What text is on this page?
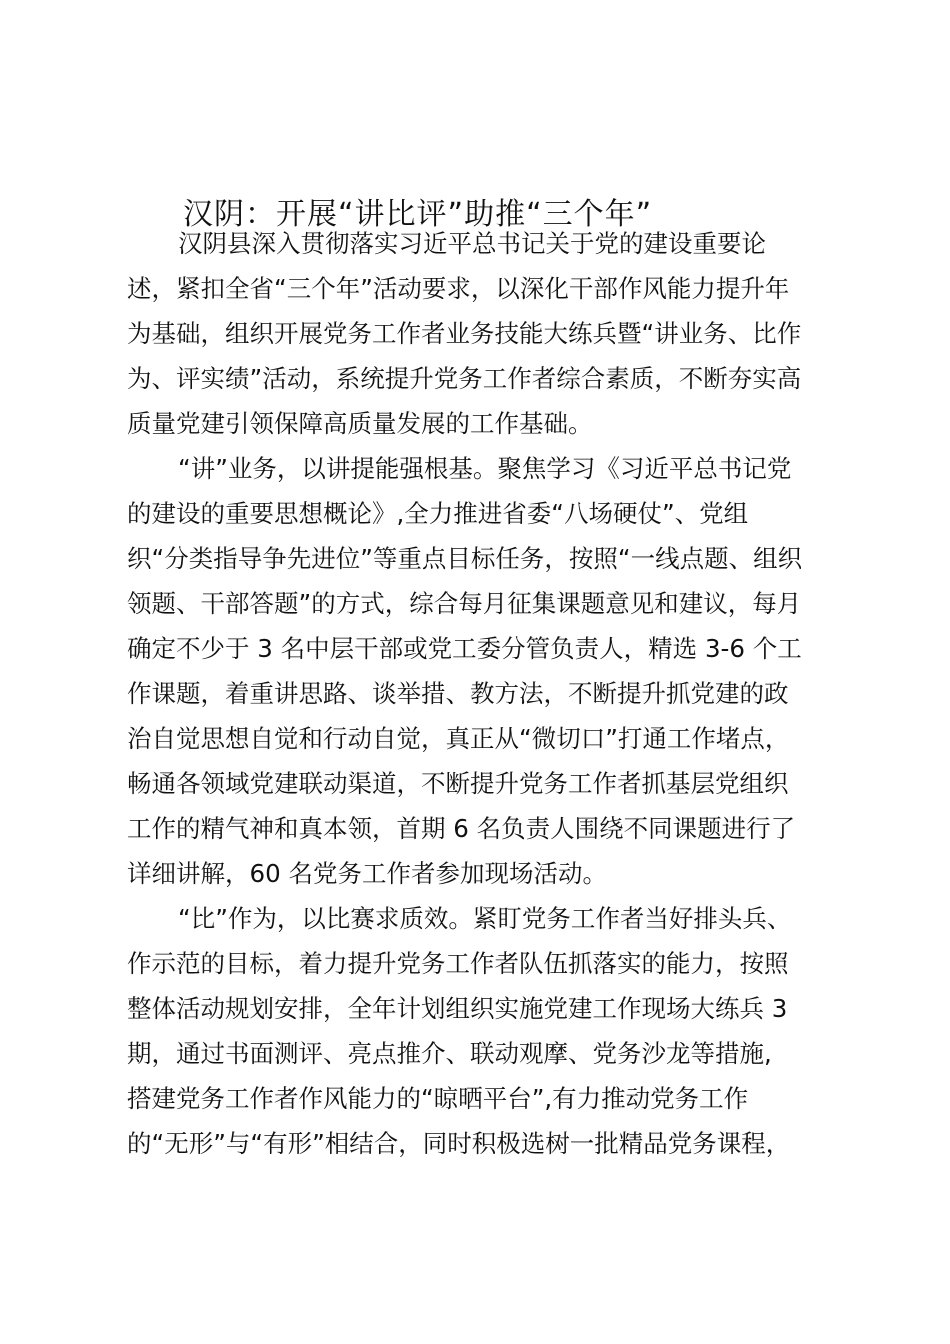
汉阴：开展“讲比评”助推“三个年”
汉阴县深入贯彻落实习近平总书记关于党的建设重要论
述，紧扣全省“三个年”活动要求，以深化干部作风能力提升年
为基础，组织开展党务工作者业务技能大练兵暨“讲业务、比作
为、评实绩”活动，系统提升党务工作者综合素质，不断夯实高
质量党建引领保障高质量发展的工作基础。
“讲”业务，以讲提能强根基。聚焦学习《习近平总书记党
的建设的重要思想概论》,全力推进省委“八场硬仗”、党组
织“分类指导争先进位”等重点目标任务，按照“一线点题、组织
领题、干部答题”的方式，综合每月征集课题意见和建议，每月
确定不少于 3 名中层干部或党工委分管负责人，精选 3-6 个工
作课题，着重讲思路、谈举措、教方法，不断提升抓党建的政
治自觉思想自觉和行动自觉，真正从“微切口”打通工作堵点，
畅通各领域党建联动渠道，不断提升党务工作者抓基层党组织
工作的精气神和真本领，首期 6 名负责人围绕不同课题进行了
详细讲解，60 名党务工作者参加现场活动。
“比”作为，以比赛求质效。紧盯党务工作者当好排头兵、
作示范的目标，着力提升党务工作者队伍抓落实的能力，按照
整体活动规划安排，全年计划组织实施党建工作现场大练兵 3
期，通过书面测评、亮点推介、联动观摩、党务沙龙等措施,
搭建党务工作者作风能力的“晾晒平台”,有力推动党务工作
的“无形”与“有形”相结合，同时积极选树一批精品党务课程，
